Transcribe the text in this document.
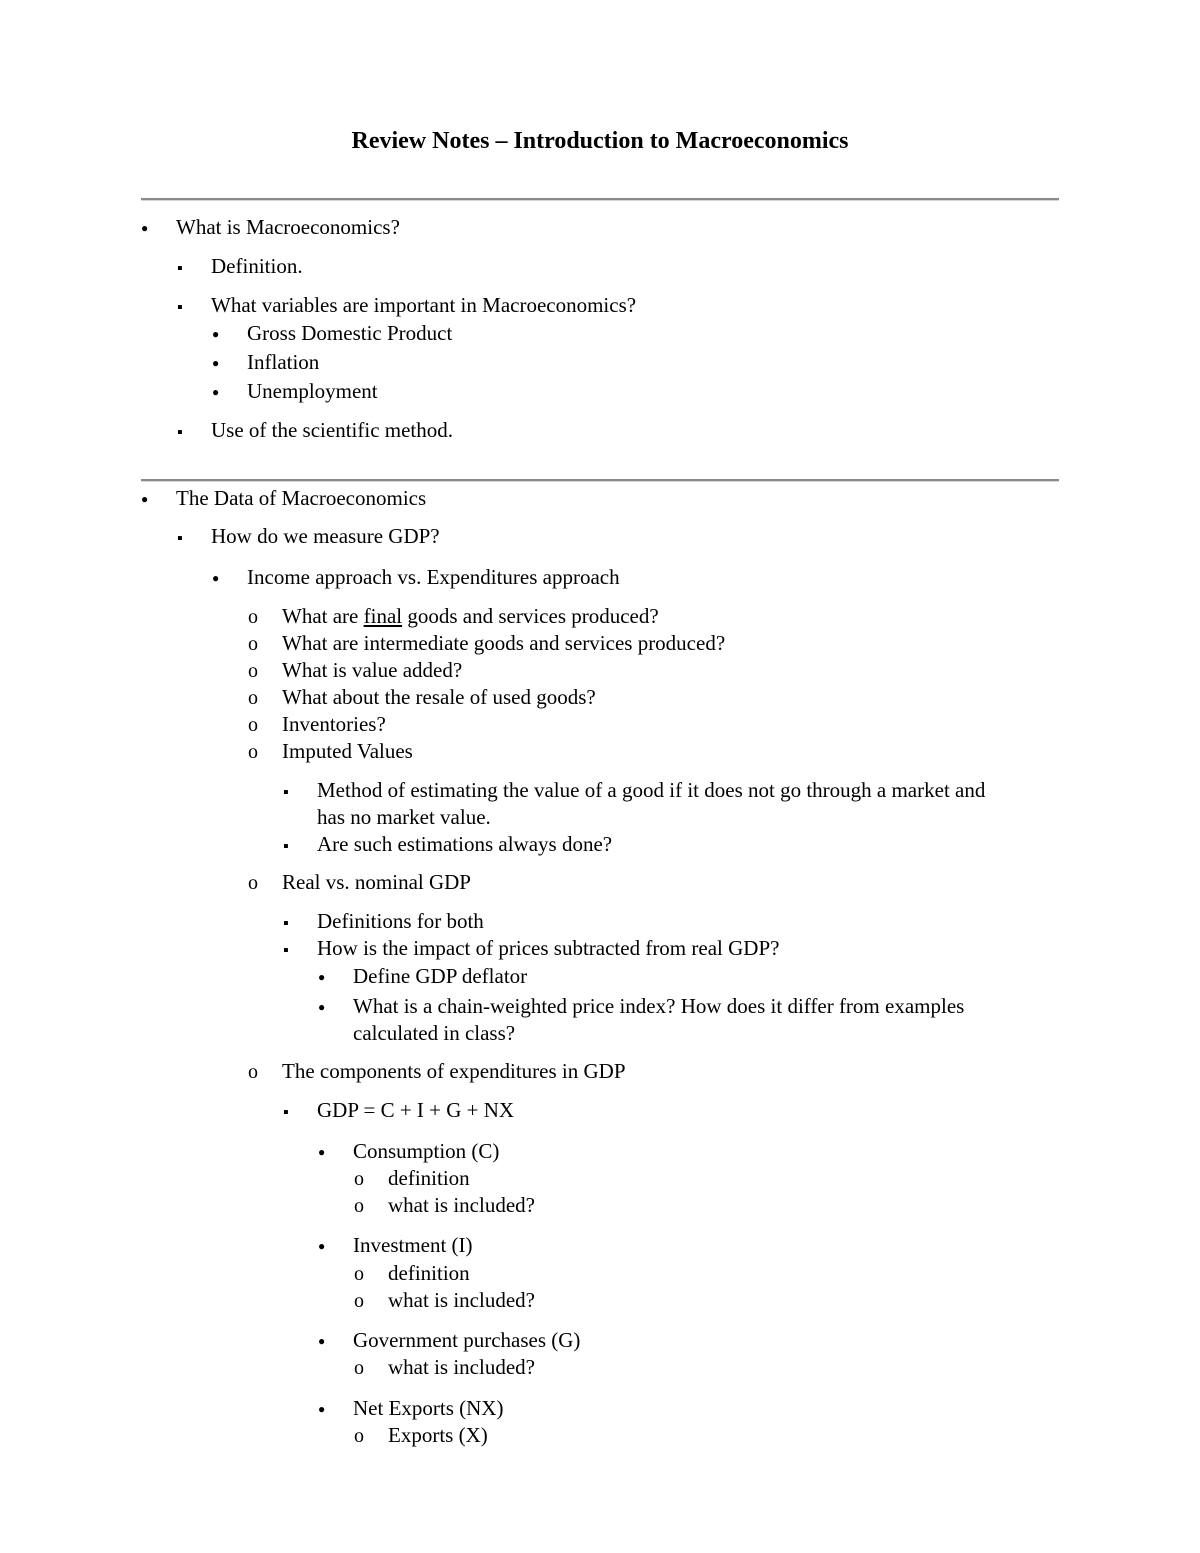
Review Notes – Introduction to Macroeconomics
●
What is Macroeconomics?
▪
Definition.
▪
What variables are important in Macroeconomics?
●
Gross Domestic Product
●
Inflation
●
Unemployment
▪
Use of the scientific method.
●
The Data of Macroeconomics
▪
How do we measure GDP?
●
Income approach vs. Expenditures approach
o
What are final goods and services produced?
o
What are intermediate goods and services produced?
o
What is value added?
o
What about the resale of used goods?
o
Inventories?
o
Imputed Values
▪
Method of estimating the value of a good if it does not go through a market and
has no market value.
▪
Are such estimations always done?
o
Real vs. nominal GDP
▪
Definitions for both
▪
How is the impact of prices subtracted from real GDP?
●
Define GDP deflator
●
What is a chain-weighted price index? How does it differ from examples
calculated in class?
o
The components of expenditures in GDP
▪
GDP = C + I + G + NX
●
Consumption (C)
o
definition
o
what is included?
●
Investment (I)
o
definition
o
what is included?
●
Government purchases (G)
o
what is included?
●
Net Exports (NX)
o
Exports (X)
